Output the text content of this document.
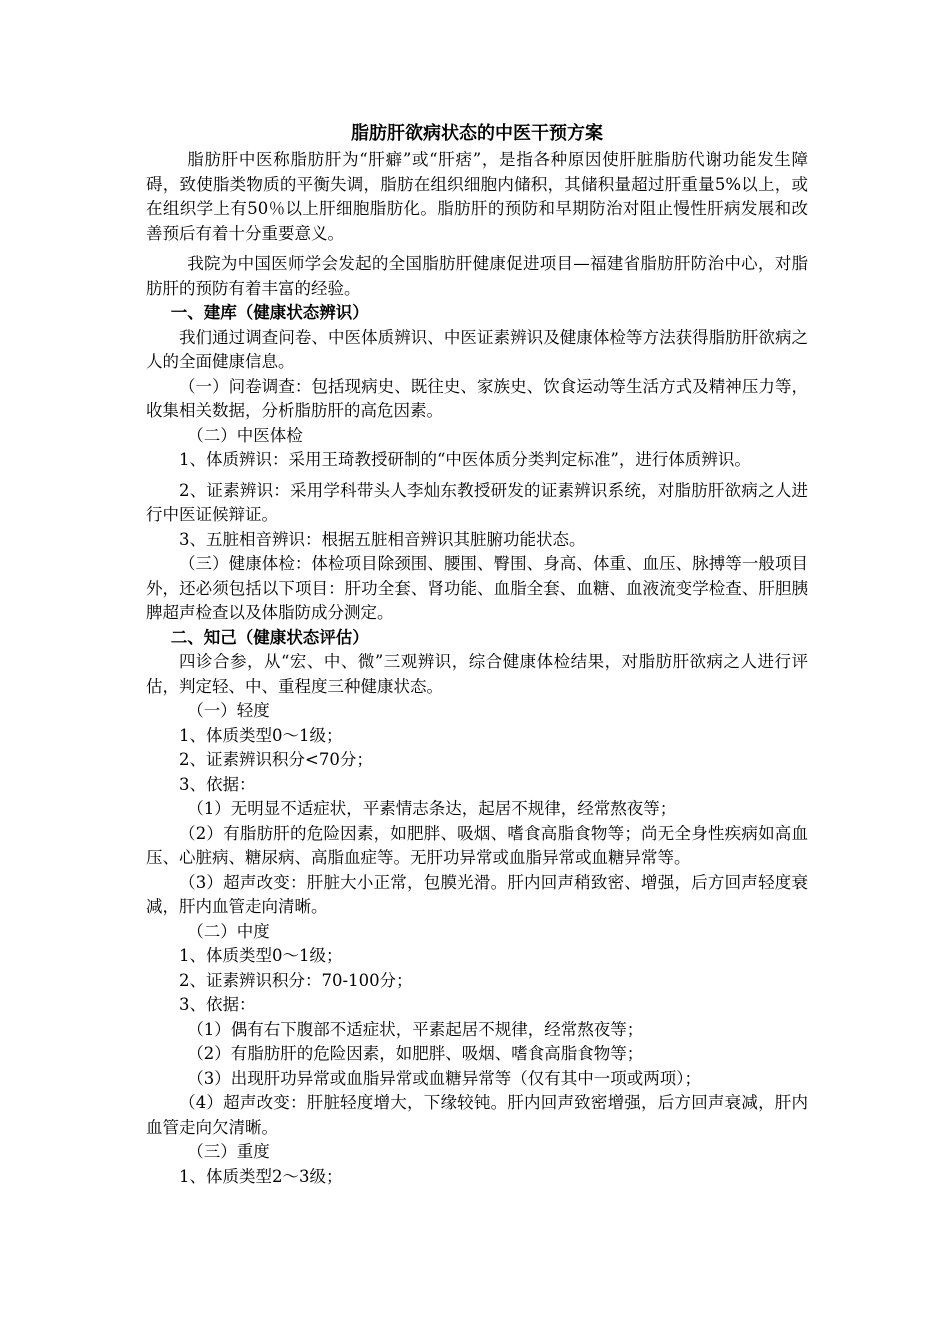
脂肪肝欲病状态的中医干预方案

脂肪肝中医称脂肪肝为“肝癖”或“肝痞”，是指各种原因使肝脏脂肪代谢功能发生障碍，致使脂类物质的平衡失调，脂肪在组织细胞内储积，其储积量超过肝重量5%以上，或在组织学上有50％以上肝细胞脂肪化。脂肪肝的预防和早期防治对阻止慢性肝病发展和改善预后有着十分重要意义。

我院为中国医师学会发起的全国脂肪肝健康促进项目—福建省脂肪肝防治中心，对脂肪肝的预防有着丰富的经验。

一、建库（健康状态辨识）

我们通过调查问卷、中医体质辨识、中医证素辨识及健康体检等方法获得脂肪肝欲病之人的全面健康信息。

（一）问卷调查：包括现病史、既往史、家族史、饮食运动等生活方式及精神压力等，收集相关数据，分析脂肪肝的高危因素。

（二）中医体检

1、体质辨识：采用王琦教授研制的“中医体质分类判定标准”，进行体质辨识。

2、证素辨识：采用学科带头人李灿东教授研发的证素辨识系统，对脂肪肝欲病之人进行中医证候辩证。

3、五脏相音辨识：根据五脏相音辨识其脏腑功能状态。

（三）健康体检：体检项目除颈围、腰围、臀围、身高、体重、血压、脉搏等一般项目外，还必须包括以下项目：肝功全套、肾功能、血脂全套、血糖、血液流变学检查、肝胆胰脾超声检查以及体脂防成分测定。

二、知己（健康状态评估）

四诊合参，从“宏、中、微”三观辨识，综合健康体检结果，对脂肪肝欲病之人进行评估，判定轻、中、重程度三种健康状态。

（一）轻度

1、体质类型0～1级；

2、证素辨识积分<70分；

3、依据：

（1）无明显不适症状，平素情志条达，起居不规律，经常熬夜等；

（2）有脂肪肝的危险因素，如肥胖、吸烟、嗜食高脂食物等；尚无全身性疾病如高血压、心脏病、糖尿病、高脂血症等。无肝功异常或血脂异常或血糖异常等。

（3）超声改变：肝脏大小正常，包膜光滑。肝内回声稍致密、增强，后方回声轻度衰减，肝内血管走向清晰。

（二）中度

1、体质类型0～1级；

2、证素辨识积分：70-100分；

3、依据：

（1）偶有右下腹部不适症状，平素起居不规律，经常熬夜等；

（2）有脂肪肝的危险因素，如肥胖、吸烟、嗜食高脂食物等；

（3）出现肝功异常或血脂异常或血糖异常等（仅有其中一项或两项）；

（4）超声改变：肝脏轻度增大，下缘较钝。肝内回声致密增强，后方回声衰减，肝内血管走向欠清晰。

（三）重度

1、体质类型2～3级；
